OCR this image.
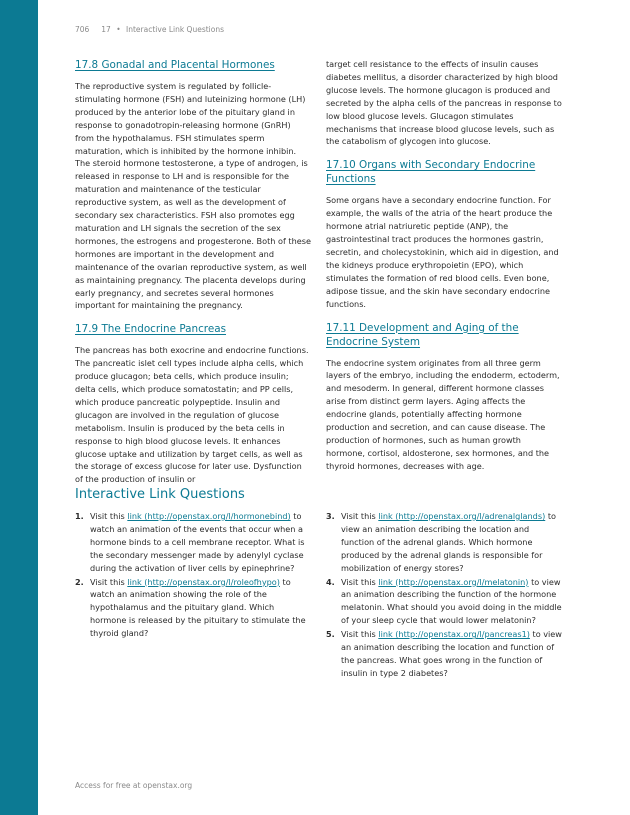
706 17 • Interactive Link Questions
17.8 Gonadal and Placental Hormones

The reproductive system is regulated by follicle-stimulating hormone (FSH) and luteinizing hormone (LH) produced by the anterior lobe of the pituitary gland in response to gonadotropin-releasing hormone (GnRH) from the hypothalamus. FSH stimulates sperm maturation, which is inhibited by the hormone inhibin. The steroid hormone testosterone, a type of androgen, is released in response to LH and is responsible for the maturation and maintenance of the testicular reproductive system, as well as the development of secondary sex characteristics. FSH also promotes egg maturation and LH signals the secretion of the sex hormones, the estrogens and progesterone. Both of these hormones are important in the development and maintenance of the ovarian reproductive system, as well as maintaining pregnancy. The placenta develops during early pregnancy, and secretes several hormones important for maintaining the pregnancy.

17.9 The Endocrine Pancreas

The pancreas has both exocrine and endocrine functions. The pancreatic islet cell types include alpha cells, which produce glucagon; beta cells, which produce insulin; delta cells, which produce somatostatin; and PP cells, which produce pancreatic polypeptide. Insulin and glucagon are involved in the regulation of glucose metabolism. Insulin is produced by the beta cells in response to high blood glucose levels. It enhances glucose uptake and utilization by target cells, as well as the storage of excess glucose for later use. Dysfunction of the production of insulin or

target cell resistance to the effects of insulin causes diabetes mellitus, a disorder characterized by high blood glucose levels. The hormone glucagon is produced and secreted by the alpha cells of the pancreas in response to low blood glucose levels. Glucagon stimulates mechanisms that increase blood glucose levels, such as the catabolism of glycogen into glucose.

17.10 Organs with Secondary Endocrine Functions

Some organs have a secondary endocrine function. For example, the walls of the atria of the heart produce the hormone atrial natriuretic peptide (ANP), the gastrointestinal tract produces the hormones gastrin, secretin, and cholecystokinin, which aid in digestion, and the kidneys produce erythropoietin (EPO), which stimulates the formation of red blood cells. Even bone, adipose tissue, and the skin have secondary endocrine functions.

17.11 Development and Aging of the Endocrine System

The endocrine system originates from all three germ layers of the embryo, including the endoderm, ectoderm, and mesoderm. In general, different hormone classes arise from distinct germ layers. Aging affects the endocrine glands, potentially affecting hormone production and secretion, and can cause disease. The production of hormones, such as human growth hormone, cortisol, aldosterone, sex hormones, and the thyroid hormones, decreases with age.

Interactive Link Questions
1. Visit this link (http://openstax.org/l/hormonebind) to watch an animation of the events that occur when a hormone binds to a cell membrane receptor. What is the secondary messenger made by adenylyl cyclase during the activation of liver cells by epinephrine?
2. Visit this link (http://openstax.org/l/roleofhypo) to watch an animation showing the role of the hypothalamus and the pituitary gland. Which hormone is released by the pituitary to stimulate the thyroid gland?
3. Visit this link (http://openstax.org/l/adrenalglands) to view an animation describing the location and function of the adrenal glands. Which hormone produced by the adrenal glands is responsible for mobilization of energy stores?
4. Visit this link (http://openstax.org/l/melatonin) to view an animation describing the function of the hormone melatonin. What should you avoid doing in the middle of your sleep cycle that would lower melatonin?
5. Visit this link (http://openstax.org/l/pancreas1) to view an animation describing the location and function of the pancreas. What goes wrong in the function of insulin in type 2 diabetes?
Access for free at openstax.org
